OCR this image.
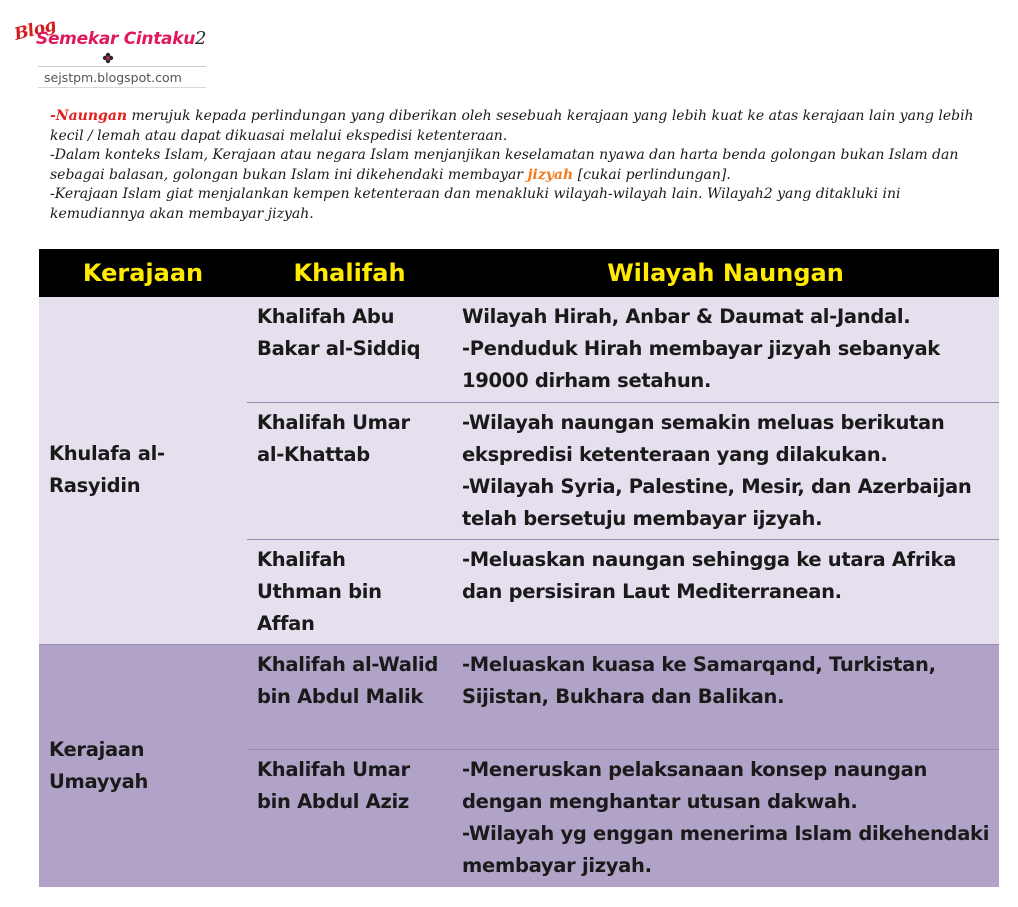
Blog
Semekar Cintaku2
sejstpm.blogspot.com

-Naungan merujuk kepada perlindungan yang diberikan oleh sesebuah kerajaan yang lebih kuat ke atas kerajaan lain yang lebih kecil / lemah atau dapat dikuasai melalui ekspedisi ketenteraan.

-Dalam konteks Islam, Kerajaan atau negara Islam menjanjikan keselamatan nyawa dan harta benda golongan bukan Islam dan sebagai balasan, golongan bukan Islam ini dikehendaki membayar jizyah [cukai perlindungan].

-Kerajaan Islam giat menjalankan kempen ketenteraan dan menakluki wilayah-wilayah lain. Wilayah2 yang ditakluki ini kemudiannya akan membayar jizyah.

Kerajaan	Khalifah	Wilayah Naungan
Khulafa al-Rasyidin	Khalifah Abu Bakar al-Siddiq	Wilayah Hirah, Anbar & Daumat al-Jandal.

-Penduduk Hirah membayar jizyah sebanyak 19000 dirham setahun.

	Khalifah Umar al-Khattab	-Wilayah naungan semakin meluas berikutan ekspredisi ketenteraan yang dilakukan.

-Wilayah Syria, Palestine, Mesir, dan Azerbaijan telah bersetuju membayar ijzyah.

	Khalifah Uthman bin Affan	-Meluaskan naungan sehingga ke utara Afrika dan persisiran Laut Mediterranean.

Kerajaan Umayyah	Khalifah al-Walid bin Abdul Malik	-Meluaskan kuasa ke Samarqand, Turkistan, Sijistan, Bukhara dan Balikan.

	Khalifah Umar bin Abdul Aziz	-Meneruskan pelaksanaan konsep naungan dengan menghantar utusan dakwah.

-Wilayah yg enggan menerima Islam dikehendaki membayar jizyah.
